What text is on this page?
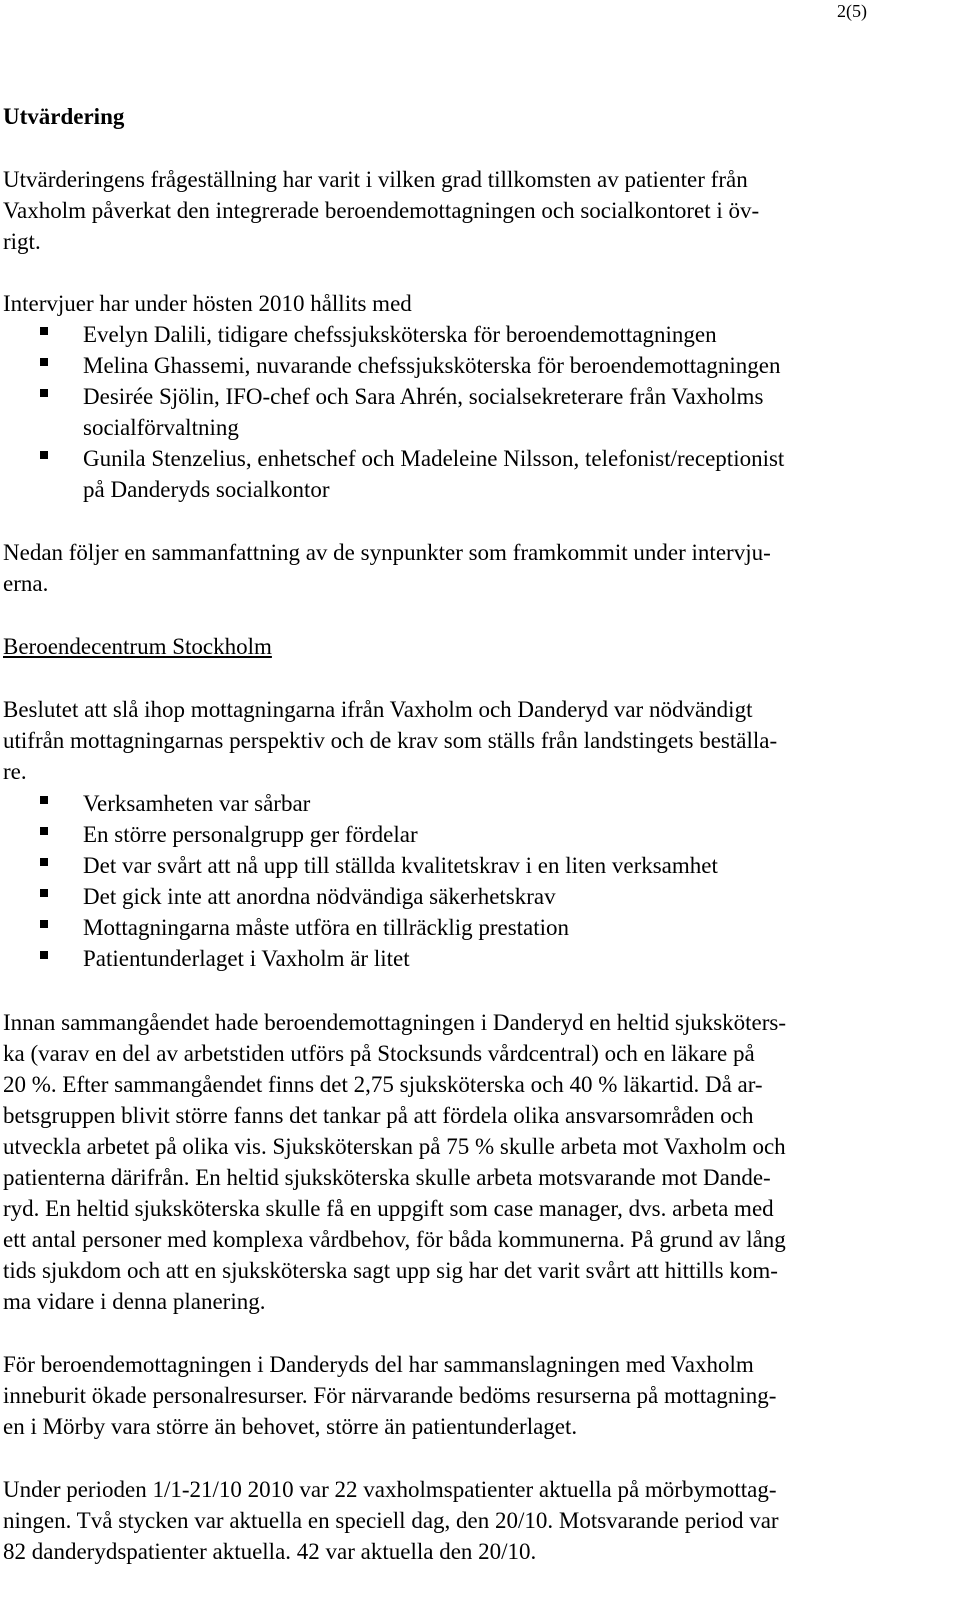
2(5)
Utvärdering
Utvärderingens frågeställning har varit i vilken grad tillkomsten av patienter från
Vaxholm påverkat den integrerade beroendemottagningen och socialkontoret i öv-
rigt.
Intervjuer har under hösten 2010 hållits med
Evelyn Dalili, tidigare chefssjuksköterska för beroendemottagningen
Melina Ghassemi, nuvarande chefssjuksköterska för beroendemottagningen
Desirée Sjölin, IFO-chef och Sara Ahrén, socialsekreterare från Vaxholms
socialförvaltning
Gunila Stenzelius, enhetschef och Madeleine Nilsson, telefonist/receptionist
på Danderyds socialkontor
Nedan följer en sammanfattning av de synpunkter som framkommit under intervju-
erna.
Beroendecentrum Stockholm
Beslutet att slå ihop mottagningarna ifrån Vaxholm och Danderyd var nödvändigt
utifrån mottagningarnas perspektiv och de krav som ställs från landstingets beställa-
re.
Verksamheten var sårbar
En större personalgrupp ger fördelar
Det var svårt att nå upp till ställda kvalitetskrav i en liten verksamhet
Det gick inte att anordna nödvändiga säkerhetskrav
Mottagningarna måste utföra en tillräcklig prestation
Patientunderlaget i Vaxholm är litet
Innan sammangåendet hade beroendemottagningen i Danderyd en heltid sjuksköters-
ka (varav en del av arbetstiden utförs på Stocksunds vårdcentral) och en läkare på
20 %. Efter sammangåendet finns det 2,75 sjuksköterska och 40 % läkartid. Då ar-
betsgruppen blivit större fanns det tankar på att fördela olika ansvarsområden och
utveckla arbetet på olika vis. Sjuksköterskan på 75 % skulle arbeta mot Vaxholm och
patienterna därifrån. En heltid sjuksköterska skulle arbeta motsvarande mot Dande-
ryd. En heltid sjuksköterska skulle få en uppgift som case manager, dvs. arbeta med
ett antal personer med komplexa vårdbehov, för båda kommunerna. På grund av lång
tids sjukdom och att en sjuksköterska sagt upp sig har det varit svårt att hittills kom-
ma vidare i denna planering.
För beroendemottagningen i Danderyds del har sammanslagningen med Vaxholm
inneburit ökade personalresurser. För närvarande bedöms resurserna på mottagning-
en i Mörby vara större än behovet, större än patientunderlaget.
Under perioden 1/1-21/10 2010 var 22 vaxholmspatienter aktuella på mörbymottag-
ningen. Två stycken var aktuella en speciell dag, den 20/10. Motsvarande period var
82 danderydspatienter aktuella. 42 var aktuella den 20/10.
